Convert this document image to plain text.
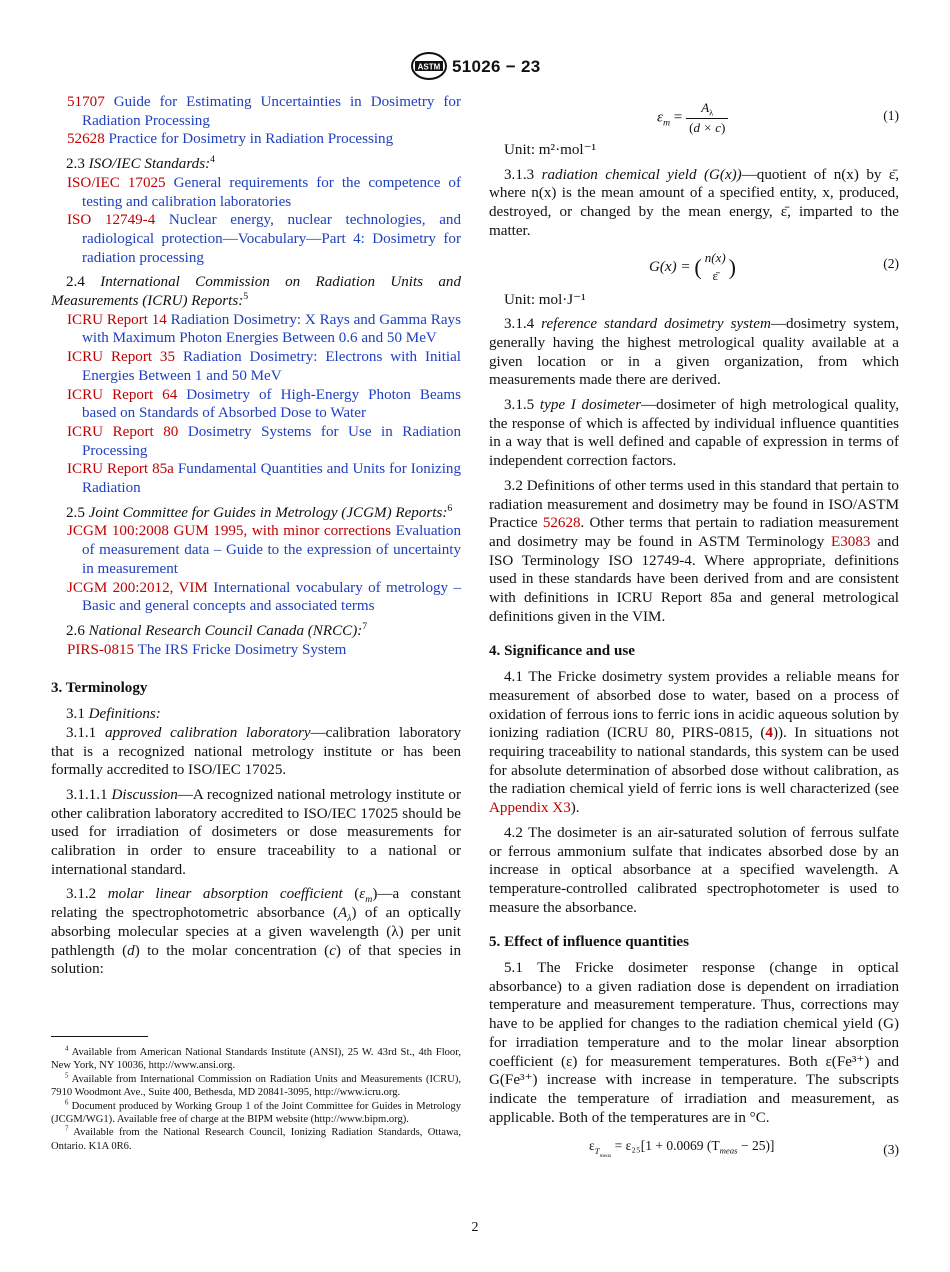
ASTM 51026 − 23

51707 Guide for Estimating Uncertainties in Dosimetry for Radiation Processing

52628 Practice for Dosimetry in Radiation Processing

2.3 ISO/IEC Standards:$^4$

ISO/IEC 17025 General requirements for the competence of testing and calibration laboratories

ISO 12749-4 Nuclear energy, nuclear technologies, and radiological protection—Vocabulary—Part 4: Dosimetry for radiation processing

2.4 International Commission on Radiation Units and Measurements (ICRU) Reports:$^5$

ICRU Report 14 Radiation Dosimetry: X Rays and Gamma Rays with Maximum Photon Energies Between 0.6 and 50 MeV

ICRU Report 35 Radiation Dosimetry: Electrons with Initial Energies Between 1 and 50 MeV

ICRU Report 64 Dosimetry of High-Energy Photon Beams based on Standards of Absorbed Dose to Water

ICRU Report 80 Dosimetry Systems for Use in Radiation Processing

ICRU Report 85a Fundamental Quantities and Units for Ionizing Radiation

2.5 Joint Committee for Guides in Metrology (JCGM) Reports:$^6$

JCGM 100:2008 GUM 1995, with minor corrections Evaluation of measurement data – Guide to the expression of uncertainty in measurement

JCGM 200:2012, VIM International vocabulary of metrology – Basic and general concepts and associated terms

2.6 National Research Council Canada (NRCC):$^7$

PIRS-0815 The IRS Fricke Dosimetry System

3. Terminology

3.1 Definitions:

3.1.1 approved calibration laboratory—calibration laboratory that is a recognized national metrology institute or has been formally accredited to ISO/IEC 17025.

3.1.1.1 Discussion—A recognized national metrology institute or other calibration laboratory accredited to ISO/IEC 17025 should be used for irradiation of dosimeters or dose measurements for calibration in order to ensure traceability to a national or international standard.

3.1.2 molar linear absorption coefficient $(\varepsilon_m)—a$ constant relating the spectrophotometric absorbance $(A_\lambda)$ of an optically absorbing molecular species at a given wavelength (λ) per unit pathlength (d) to the molar concentration (c) of that species in solution:

$^4$ Available from American National Standards Institute (ANSI), 25 W. 43rd St., 4th Floor, New York, NY 10036, http://www.ansi.org.

$^5$ Available from International Commission on Radiation Units and Measurements (ICRU), 7910 Woodmont Ave., Suite 400, Bethesda, MD 20841-3095, http://www.icru.org.

$^6$ Document produced by Working Group 1 of the Joint Committee for Guides in Metrology (JCGM/WG1). Available free of charge at the BIPM website (http://www.bipm.org).

$^7$ Available from the National Research Council, Ionizing Radiation Standards, Ottawa, Ontario. K1A 0R6.

$\varepsilon_m = \frac{A_\lambda}{(d \times c)}$	(1)

Unit: m²·mol⁻¹

3.1.3 radiation chemical yield (G(x))—quotient of n(x) by ε̄, where n(x) is the mean amount of a specified entity, x, produced, destroyed, or changed by the mean energy, ε̄, imparted to the matter.

G(x) = ( n(x)
ε̄ )	(2)

Unit: mol·J⁻¹

3.1.4 reference standard dosimetry system—dosimetry system, generally having the highest metrological quality available at a given location or in a given organization, from which measurements made there are derived.

3.1.5 type I dosimeter—dosimeter of high metrological quality, the response of which is affected by individual influence quantities in a way that is well defined and capable of expression in terms of independent correction factors.

3.2 Definitions of other terms used in this standard that pertain to radiation measurement and dosimetry may be found in ISO/ASTM Practice 52628. Other terms that pertain to radiation measurement and dosimetry may be found in ASTM Terminology E3083 and ISO Terminology ISO 12749-4. Where appropriate, definitions used in these standards have been derived from and are consistent with definitions in ICRU Report 85a and general metrological definitions given in the VIM.

4. Significance and use

4.1 The Fricke dosimetry system provides a reliable means for measurement of absorbed dose to water, based on a process of oxidation of ferrous ions to ferric ions in acidic aqueous solution by ionizing radiation (ICRU 80, PIRS-0815, (4)). In situations not requiring traceability to national standards, this system can be used for absolute determination of absorbed dose without calibration, as the radiation chemical yield of ferric ions is well characterized (see Appendix X3).

4.2 The dosimeter is an air-saturated solution of ferrous sulfate or ferrous ammonium sulfate that indicates absorbed dose by an increase in optical absorbance at a specified wavelength. A temperature-controlled calibrated spectrophotometer is used to measure the absorbance.

5. Effect of influence quantities

5.1 The Fricke dosimeter response (change in optical absorbance) to a given radiation dose is dependent on irradiation temperature and measurement temperature. Thus, corrections may have to be applied for changes to the radiation chemical yield (G) for irradiation temperature and to the molar linear absorption coefficient (ε) for measurement temperatures. Both ε(Fe³⁺) and G(Fe³⁺) increase with increase in temperature. The subscripts indicate the temperature of irradiation and measurement, as applicable. Both of the temperatures are in °C.

$\varepsilon_{T_{meas}} = \varepsilon_{25}[1 + 0.0069$ $(T_{meas} - 25)$]	(3)
2
